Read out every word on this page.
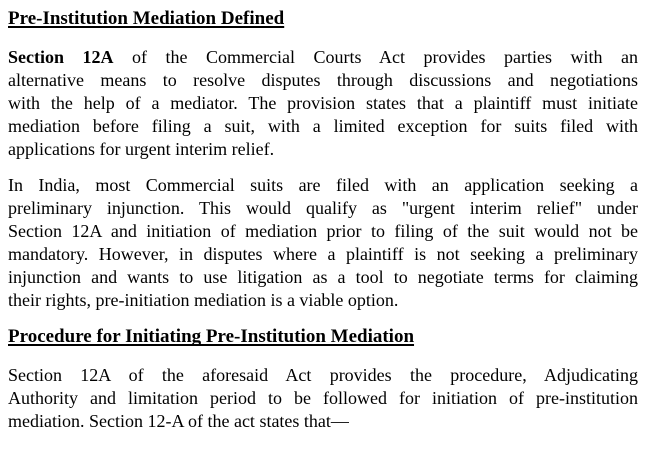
Pre-Institution Mediation Defined
Section 12A of the Commercial Courts Act provides parties with an
alternative means to resolve disputes through discussions and negotiations
with the help of a mediator. The provision states that a plaintiff must initiate
mediation before filing a suit, with a limited exception for suits filed with
applications for urgent interim relief.
In India, most Commercial suits are filed with an application seeking a
preliminary injunction. This would qualify as "urgent interim relief" under
Section 12A and initiation of mediation prior to filing of the suit would not be
mandatory. However, in disputes where a plaintiff is not seeking a preliminary
injunction and wants to use litigation as a tool to negotiate terms for claiming
their rights, pre-initiation mediation is a viable option.
Procedure for Initiating Pre-Institution Mediation
Section 12A of the aforesaid Act provides the procedure, Adjudicating
Authority and limitation period to be followed for initiation of pre-institution
mediation. Section 12-A of the act states that—
